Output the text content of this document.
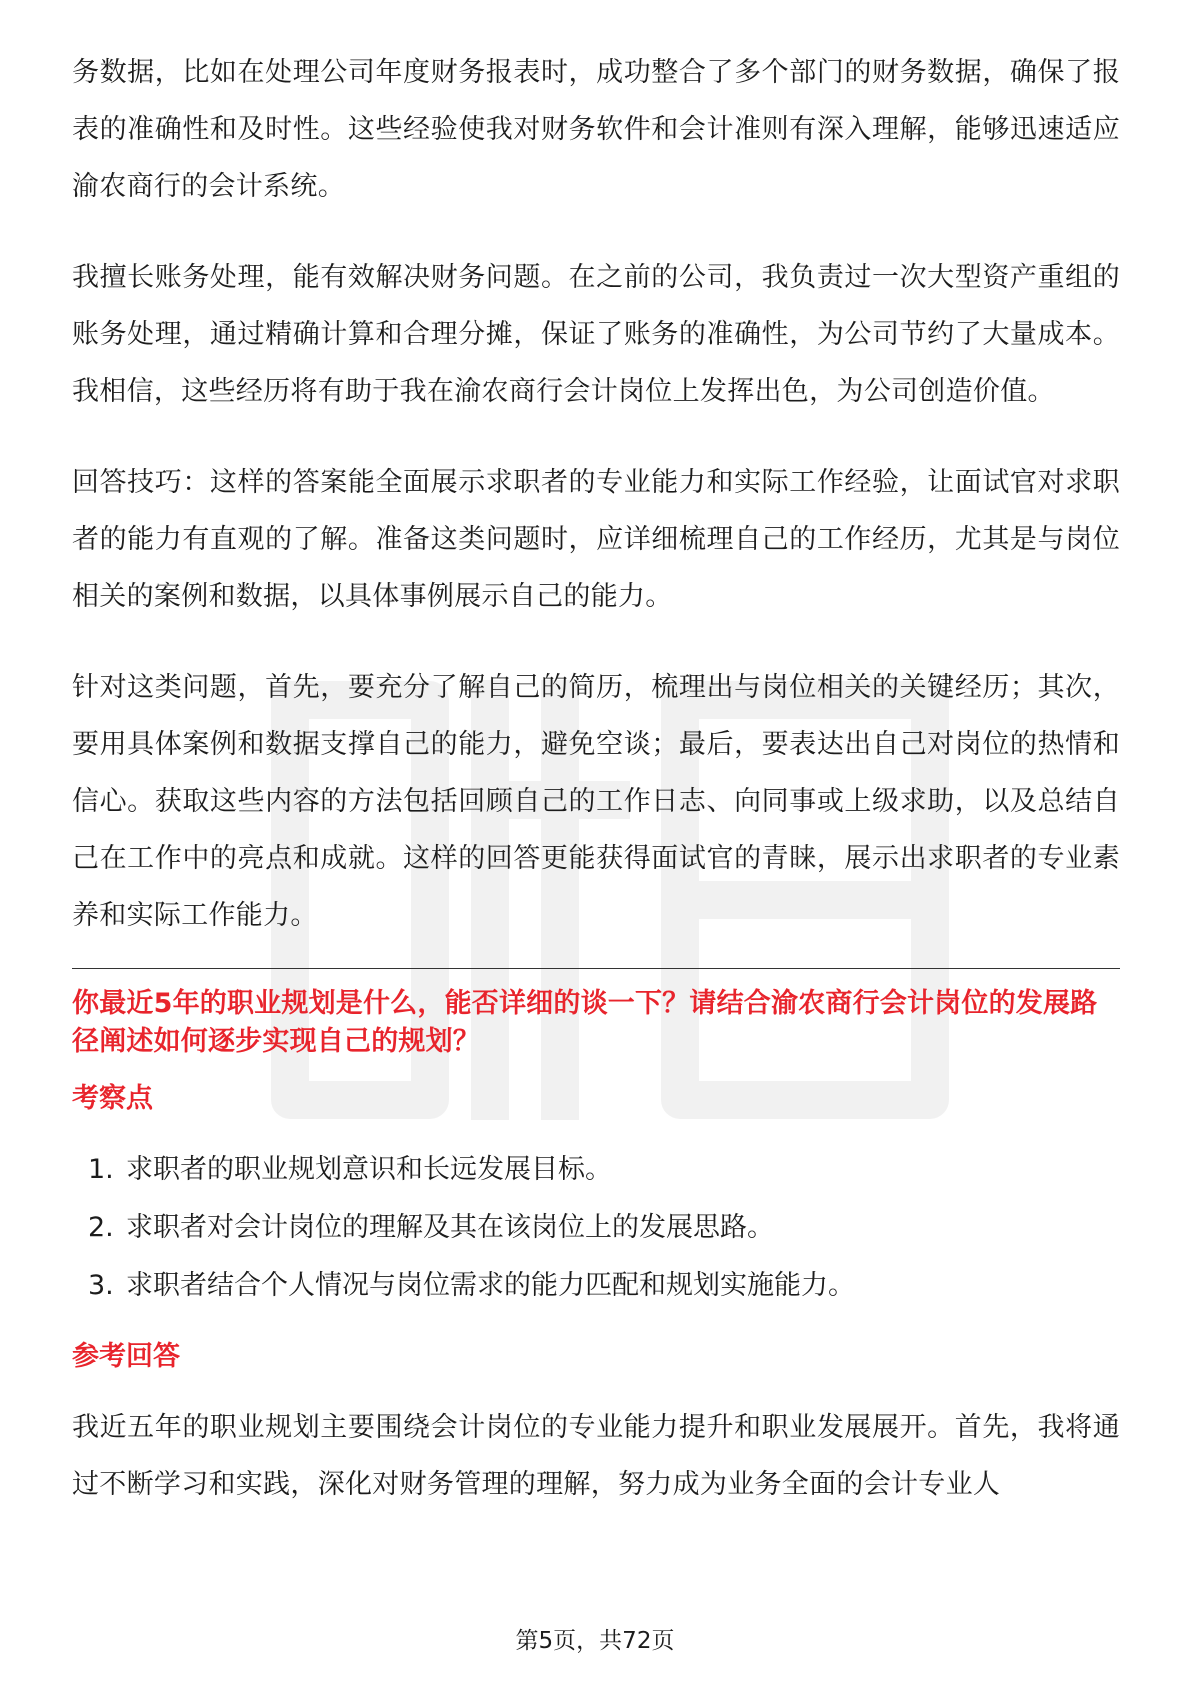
务数据，比如在处理公司年度财务报表时，成功整合了多个部门的财务数据，确保了报表的准确性和及时性。这些经验使我对财务软件和会计准则有深入理解，能够迅速适应渝农商行的会计系统。

我擅长账务处理，能有效解决财务问题。在之前的公司，我负责过一次大型资产重组的账务处理，通过精确计算和合理分摊，保证了账务的准确性，为公司节约了大量成本。我相信，这些经历将有助于我在渝农商行会计岗位上发挥出色，为公司创造价值。

回答技巧：这样的答案能全面展示求职者的专业能力和实际工作经验，让面试官对求职者的能力有直观的了解。准备这类问题时，应详细梳理自己的工作经历，尤其是与岗位相关的案例和数据，以具体事例展示自己的能力。

针对这类问题，首先，要充分了解自己的简历，梳理出与岗位相关的关键经历；其次，要用具体案例和数据支撑自己的能力，避免空谈；最后，要表达出自己对岗位的热情和信心。获取这些内容的方法包括回顾自己的工作日志、向同事或上级求助，以及总结自己在工作中的亮点和成就。这样的回答更能获得面试官的青睐，展示出求职者的专业素养和实际工作能力。

你最近5年的职业规划是什么，能否详细的谈一下？请结合渝农商行会计岗位的发展路径阐述如何逐步实现自己的规划？
考察点
1. 求职者的职业规划意识和长远发展目标。
2. 求职者对会计岗位的理解及其在该岗位上的发展思路。
3. 求职者结合个人情况与岗位需求的能力匹配和规划实施能力。
参考回答

我近五年的职业规划主要围绕会计岗位的专业能力提升和职业发展展开。首先，我将通过不断学习和实践，深化对财务管理的理解，努力成为业务全面的会计专业人

第5页，共72页
